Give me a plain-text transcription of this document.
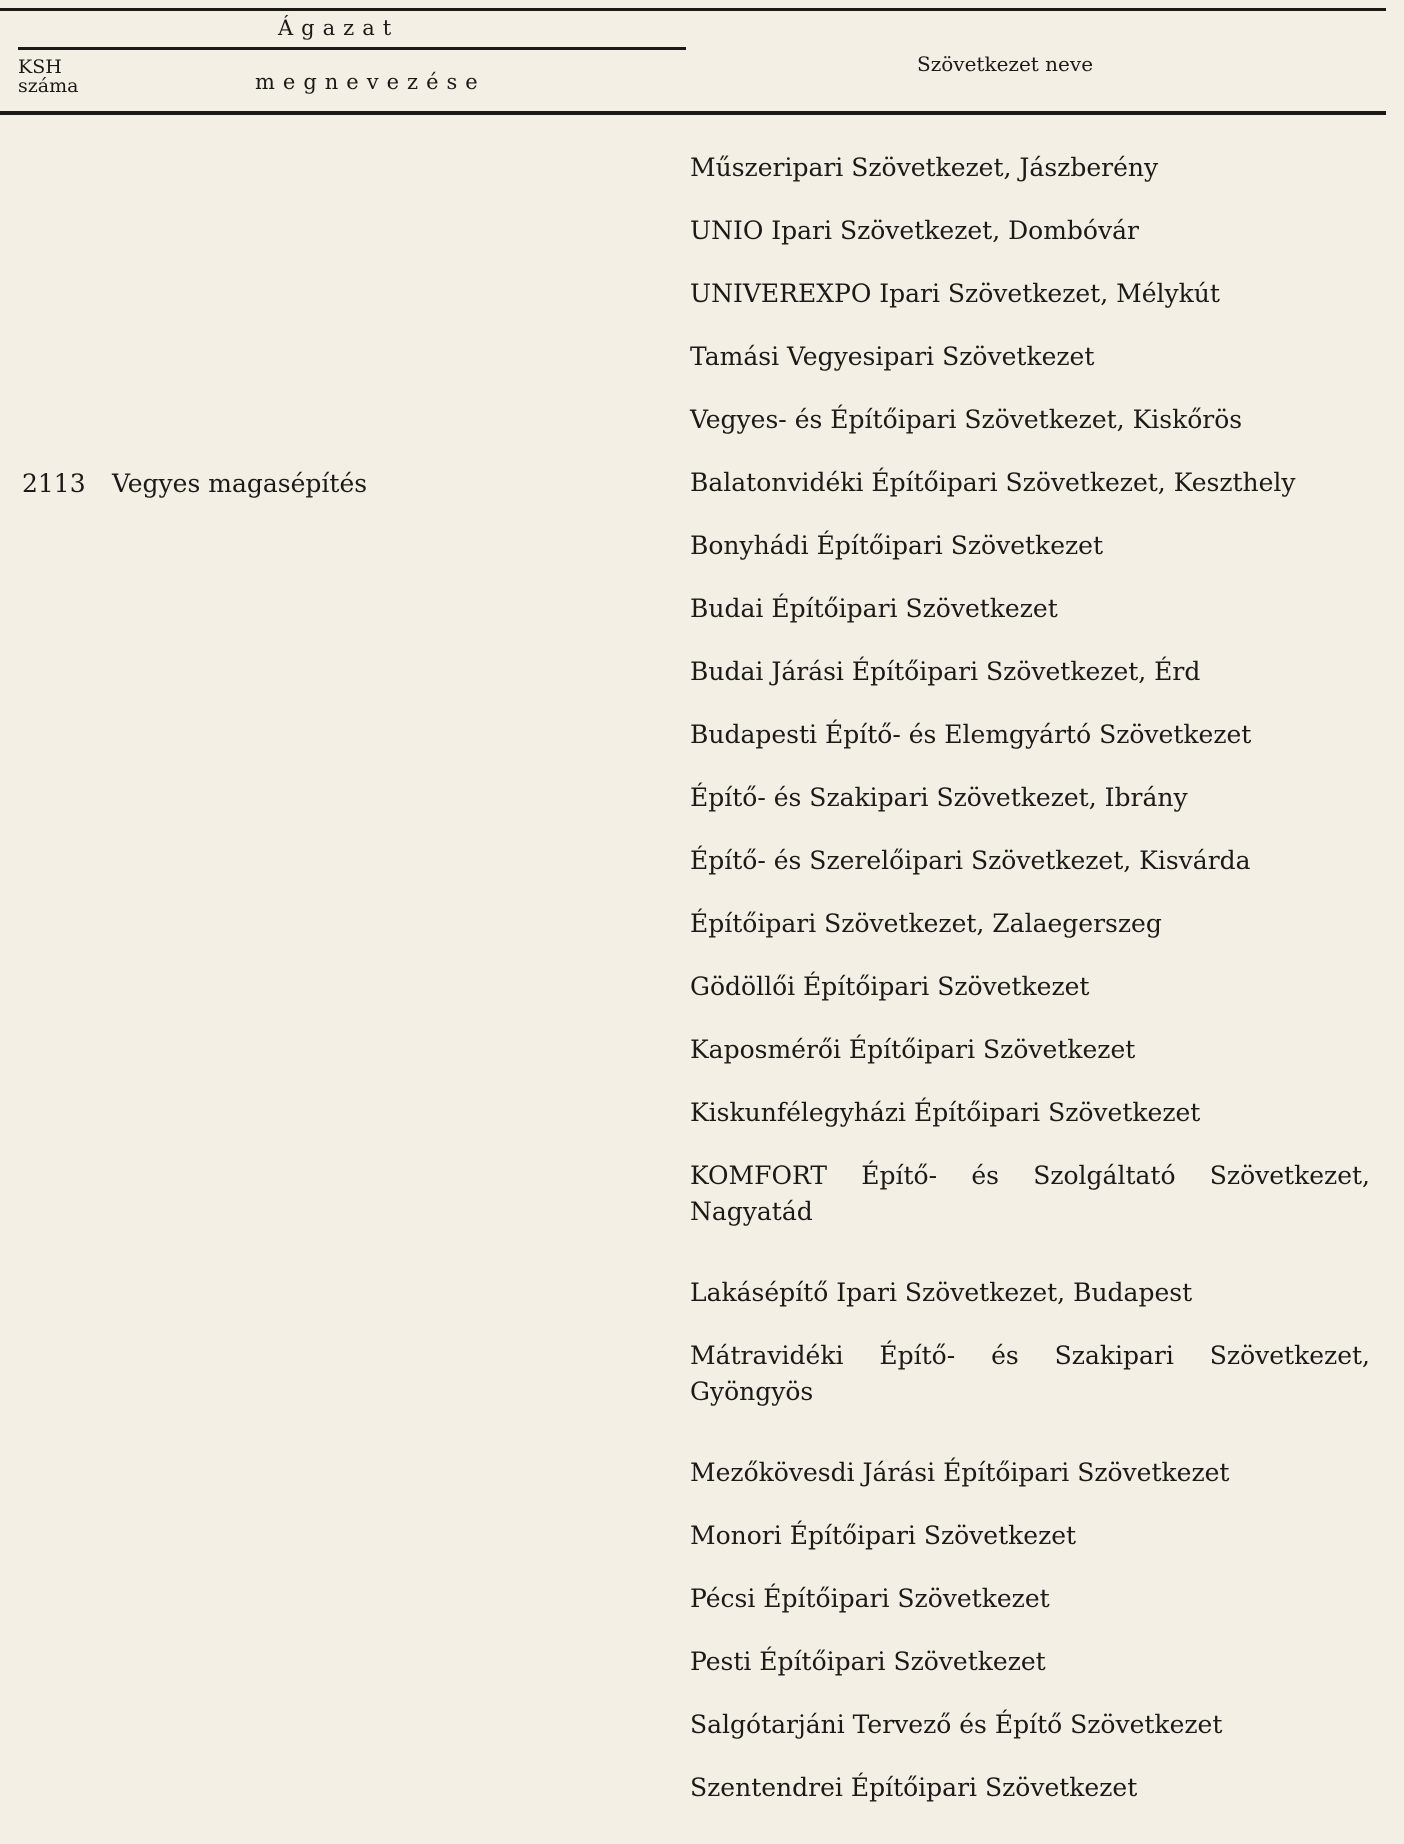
Ágazat
KSH
száma	megnevezése
Szövetkezet neve
2113 Vegyes magasépítés
Műszeripari Szövetkezet, Jászberény
UNIO Ipari Szövetkezet, Dombóvár
UNIVEREXPO Ipari Szövetkezet, Mélykút
Tamási Vegyesipari Szövetkezet
Vegyes- és Építőipari Szövetkezet, Kiskőrös
Balatonvidéki Építőipari Szövetkezet, Keszthely
Bonyhádi Építőipari Szövetkezet
Budai Építőipari Szövetkezet
Budai Járási Építőipari Szövetkezet, Érd
Budapesti Építő- és Elemgyártó Szövetkezet
Építő- és Szakipari Szövetkezet, Ibrány
Építő- és Szerelőipari Szövetkezet, Kisvárda
Építőipari Szövetkezet, Zalaegerszeg
Gödöllői Építőipari Szövetkezet
Kaposmérői Építőipari Szövetkezet
Kiskunfélegyházi Építőipari Szövetkezet
KOMFORT Építő- és Szolgáltató Szövetkezet,
Nagyatád
Lakásépítő Ipari Szövetkezet, Budapest
Mátravidéki Építő- és Szakipari Szövetkezet,
Gyöngyös
Mezőkövesdi Járási Építőipari Szövetkezet
Monori Építőipari Szövetkezet
Pécsi Építőipari Szövetkezet
Pesti Építőipari Szövetkezet
Salgótarjáni Tervező és Építő Szövetkezet
Szentendrei Építőipari Szövetkezet
